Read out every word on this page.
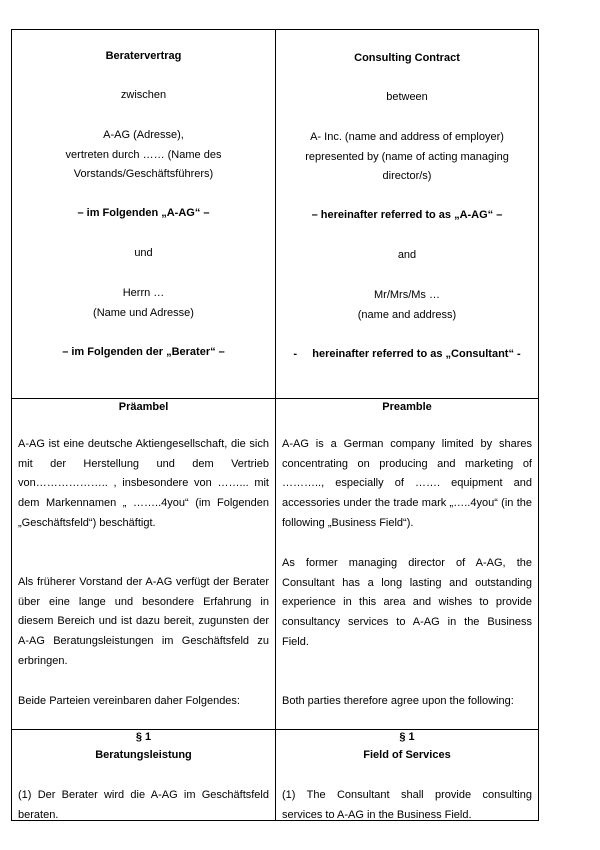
Beratervertrag
zwischen
A-AG (Adresse),
vertreten durch …… (Name des
Vorstands/Geschäftsführers)
– im Folgenden „A-AG“ –
und
Herrn …
(Name und Adresse)
– im Folgenden der „Berater“ –
Consulting Contract
between
A- Inc. (name and address of employer)
represented by (name of acting managing
director/s)
– hereinafter referred to as „A-AG“ –
and
Mr/Mrs/Ms …
(name and address)
-     hereinafter referred to as „Consultant“ -
Präambel
A-AG ist eine deutsche Aktiengesellschaft, die sich mit der Herstellung und dem Vertrieb von……………….. , insbesondere von ……... mit dem Markennamen „ ……..4you“ (im Folgenden „Geschäftsfeld“) beschäftigt.
Als früherer Vorstand der A-AG verfügt der Berater über eine lange und besondere Erfahrung in diesem Bereich und ist dazu bereit, zugunsten der A-AG Beratungsleistungen im Geschäftsfeld zu erbringen.
Beide Parteien vereinbaren daher Folgendes:
Preamble
A-AG is a German company limited by shares concentrating on producing and marketing of ……….., especially of ……. equipment and accessories under the trade mark „…..4you“ (in the following „Business Field“).
As former managing director of A-AG, the Consultant has a long lasting and outstanding experience in this area and wishes to provide consultancy services to A-AG in the Business Field.
Both parties therefore agree upon the following:
§ 1
Beratungsleistung
(1) Der Berater wird die A-AG im Geschäftsfeld beraten.
§ 1
Field of Services
(1) The Consultant shall provide consulting services to A-AG in the Business Field.
